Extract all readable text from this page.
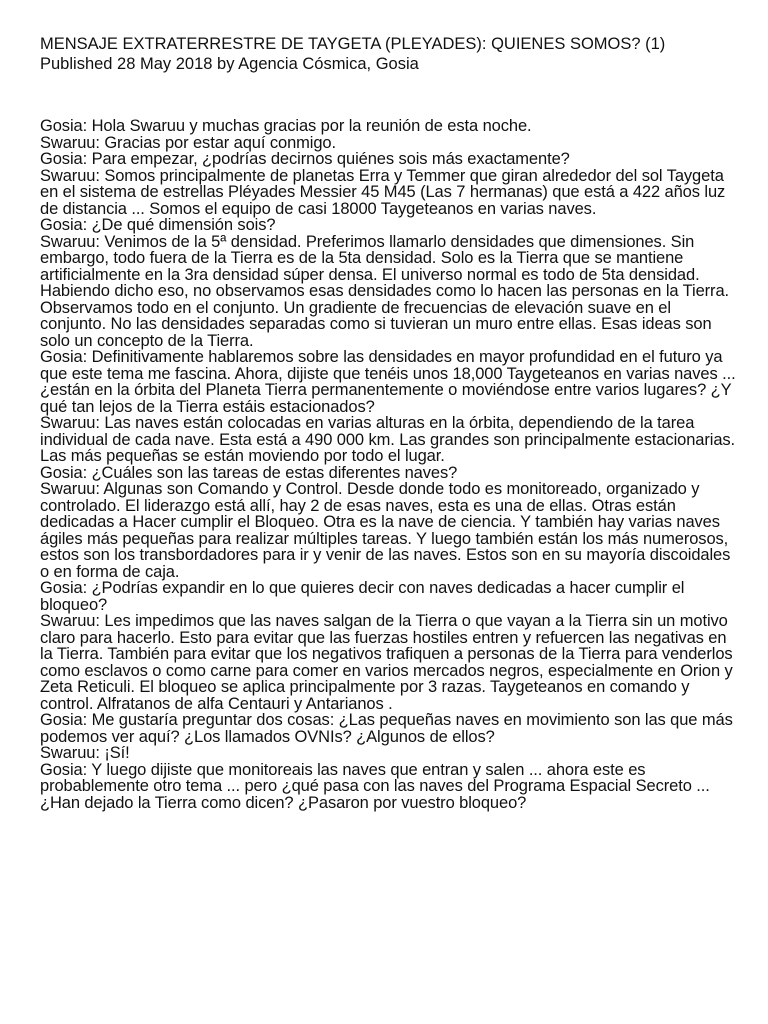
MENSAJE EXTRATERRESTRE DE TAYGETA (PLEYADES): QUIENES SOMOS? (1)

Published 28 May 2018 by Agencia Cósmica, Gosia

Gosia: Hola Swaruu y muchas gracias por la reunión de esta noche.
Swaruu: Gracias por estar aquí conmigo.
Gosia: Para empezar, ¿podrías decirnos quiénes sois más exactamente?
Swaruu: Somos principalmente de planetas Erra y Temmer que giran alrededor del sol Taygeta en el sistema de estrellas Pléyades Messier 45 M45 (Las 7 hermanas) que está a 422 años luz de distancia ... Somos el equipo de casi 18000 Taygeteanos en varias naves.
Gosia: ¿De qué dimensión sois?
Swaruu: Venimos de la 5ª densidad. Preferimos llamarlo densidades que dimensiones. Sin embargo, todo fuera de la Tierra es de la 5ta densidad. Solo es la Tierra que se mantiene artificialmente en la 3ra densidad súper densa. El universo normal es todo de 5ta densidad. Habiendo dicho eso, no observamos esas densidades como lo hacen las personas en la Tierra. Observamos todo en el conjunto. Un gradiente de frecuencias de elevación suave en el conjunto. No las densidades separadas como si tuvieran un muro entre ellas. Esas ideas son solo un concepto de la Tierra.
Gosia: Definitivamente hablaremos sobre las densidades en mayor profundidad en el futuro ya que este tema me fascina. Ahora, dijiste que tenéis unos 18,000 Taygeteanos en varias naves ... ¿están en la órbita del Planeta Tierra permanentemente o moviéndose entre varios lugares? ¿Y qué tan lejos de la Tierra estáis estacionados?
Swaruu: Las naves están colocadas en varias alturas en la órbita, dependiendo de la tarea individual de cada nave. Esta está a 490 000 km. Las grandes son principalmente estacionarias. Las más pequeñas se están moviendo por todo el lugar.
Gosia: ¿Cuáles son las tareas de estas diferentes naves?
Swaruu: Algunas son Comando y Control. Desde donde todo es monitoreado, organizado y controlado. El liderazgo está allí, hay 2 de esas naves, esta es una de ellas. Otras están dedicadas a Hacer cumplir el Bloqueo. Otra es la nave de ciencia. Y también hay varias naves ágiles más pequeñas para realizar múltiples tareas. Y luego también están los más numerosos, estos son los transbordadores para ir y venir de las naves. Estos son en su mayoría discoidales o en forma de caja.
Gosia: ¿Podrías expandir en lo que quieres decir con naves dedicadas a hacer cumplir el bloqueo?
Swaruu: Les impedimos que las naves salgan de la Tierra o que vayan a la Tierra sin un motivo claro para hacerlo. Esto para evitar que las fuerzas hostiles entren y refuercen las negativas en la Tierra. También para evitar que los negativos trafiquen a personas de la Tierra para venderlos como esclavos o como carne para comer en varios mercados negros, especialmente en Orion y Zeta Reticuli. El bloqueo se aplica principalmente por 3 razas. Taygeteanos en comando y control. Alfratanos de alfa Centauri y Antarianos .
Gosia: Me gustaría preguntar dos cosas: ¿Las pequeñas naves en movimiento son las que más podemos ver aquí? ¿Los llamados OVNIs? ¿Algunos de ellos?
Swaruu: ¡Sí!
Gosia: Y luego dijiste que monitoreais las naves que entran y salen ... ahora este es probablemente otro tema ... pero ¿qué pasa con las naves del Programa Espacial Secreto ... ¿Han dejado la Tierra como dicen? ¿Pasaron por vuestro bloqueo?
